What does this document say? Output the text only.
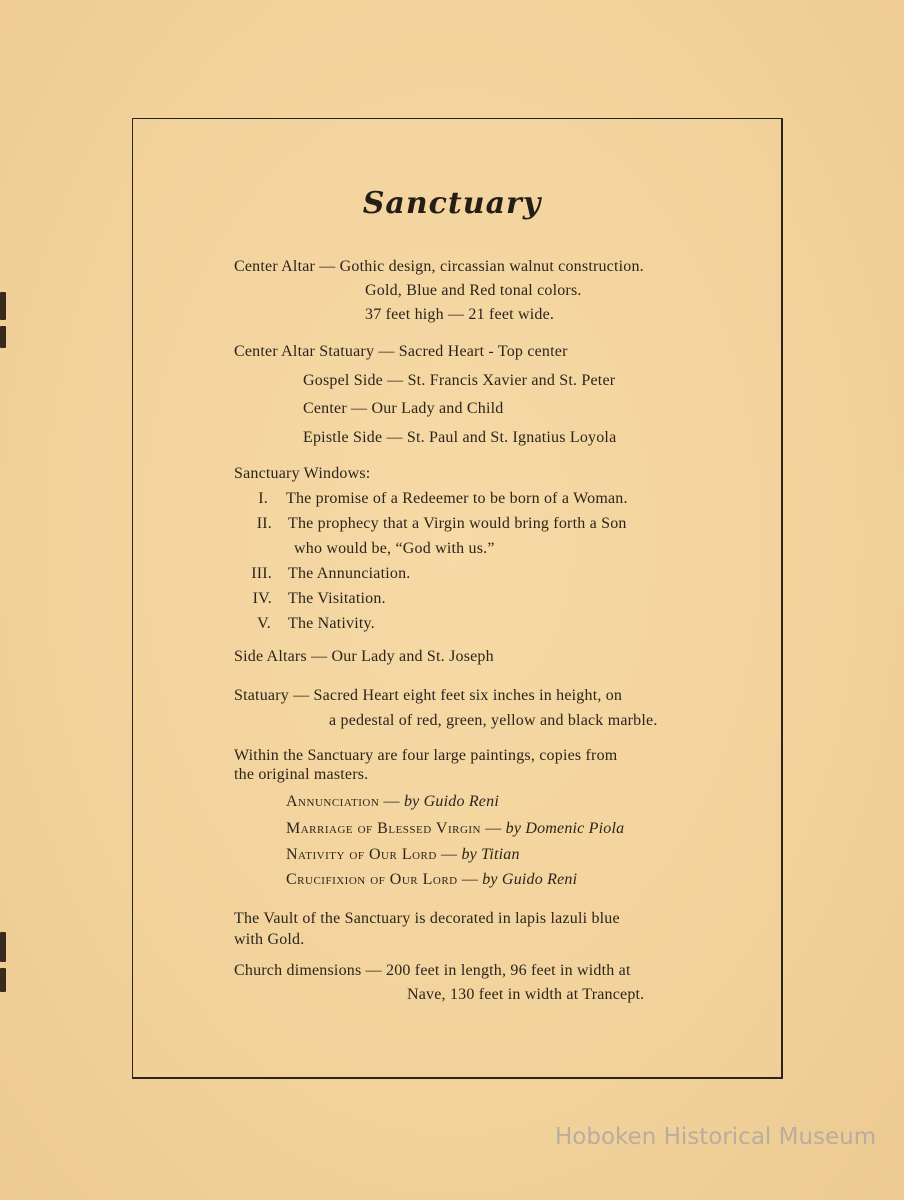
Sanctuary
Center Altar — Gothic design, circassian walnut construction.
Gold, Blue and Red tonal colors.
37 feet high — 21 feet wide.
Center Altar Statuary — Sacred Heart - Top center
Gospel Side — St. Francis Xavier and St. Peter
Center — Our Lady and Child
Epistle Side — St. Paul and St. Ignatius Loyola
Sanctuary Windows:
I. The promise of a Redeemer to be born of a Woman.
II. The prophecy that a Virgin would bring forth a Son
who would be, “God with us.”
III. The Annunciation.
IV. The Visitation.
V. The Nativity.
Side Altars — Our Lady and St. Joseph
Statuary — Sacred Heart eight feet six inches in height, on
a pedestal of red, green, yellow and black marble.
Within the Sanctuary are four large paintings, copies from
the original masters.
Annunciation — by Guido Reni
Marriage of Blessed Virgin — by Domenic Piola
Nativity of Our Lord — by Titian
Crucifixion of Our Lord — by Guido Reni
The Vault of the Sanctuary is decorated in lapis lazuli blue
with Gold.
Church dimensions — 200 feet in length, 96 feet in width at
Nave, 130 feet in width at Trancept.
Hoboken Historical Museum
